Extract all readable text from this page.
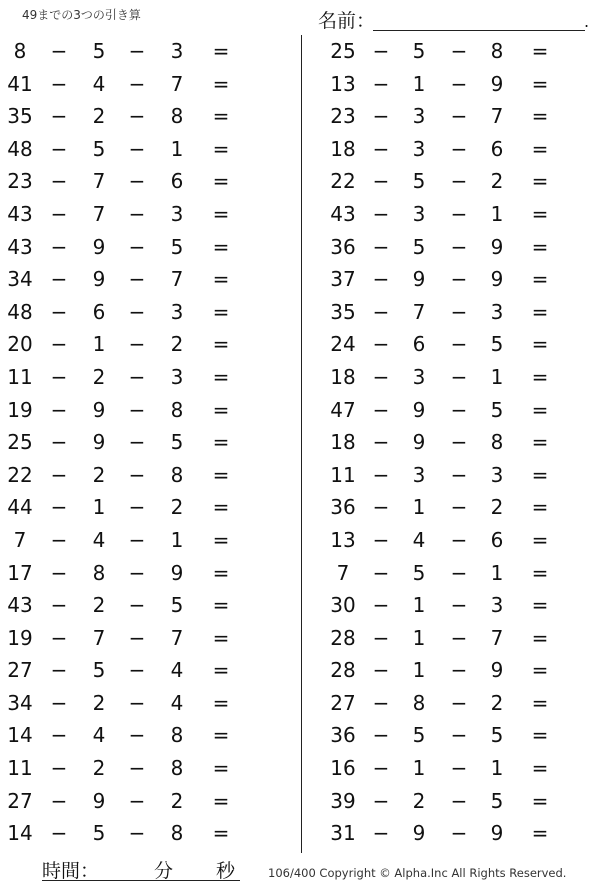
49までの3つの引き算	名前：	.
8	−	5	−	3	=
41 −	4	−	7	=
35 −	2	−	8	=
48 −	5	−	1	=
23 −	7	−	6	=
43 −	7	−	3	=
43 −	9	−	5	=
34 −	9	−	7	=
48 −	6	−	3	=
20 −	1	−	2	=
11 −	2	−	3	=
19 −	9	−	8	=
25 −	9	−	5	=
22 −	2	−	8	=
44 −	1	−	2	=
7	−	4	−	1	=
17 −	8	−	9	=
43 −	2	−	5	=
19 −	7	−	7	=
27 −	5	−	4	=
34 −	2	−	4	=
14 −	4	−	8	=
11 −	2	−	8	=
27 −	9	−	2	=
14 −	5	−	8	=
25 −	5	−	8	=
13 −	1	−	9	=
23 −	3	−	7	=
18 −	3	−	6	=
22 −	5	−	2	=
43 −	3	−	1	=
36 −	5	−	9	=
37 −	9	−	9	=
35 −	7	−	3	=
24 −	6	−	5	=
18 −	3	−	1	=
47 −	9	−	5	=
18 −	9	−	8	=
11 −	3	−	3	=
36 −	1	−	2	=
13 −	4	−	6	=
7	−	5	−	1	=
30 −	1	−	3	=
28 −	1	−	7	=
28 −	1	−	9	=
27 −	8	−	2	=
36 −	5	−	5	=
16 −	1	−	1	=
39 −	2	−	5	=
31 −	9	−	9	=
時間：	分 秒	106/400 Copyright © Alpha.Inc All Rights Reserved.
